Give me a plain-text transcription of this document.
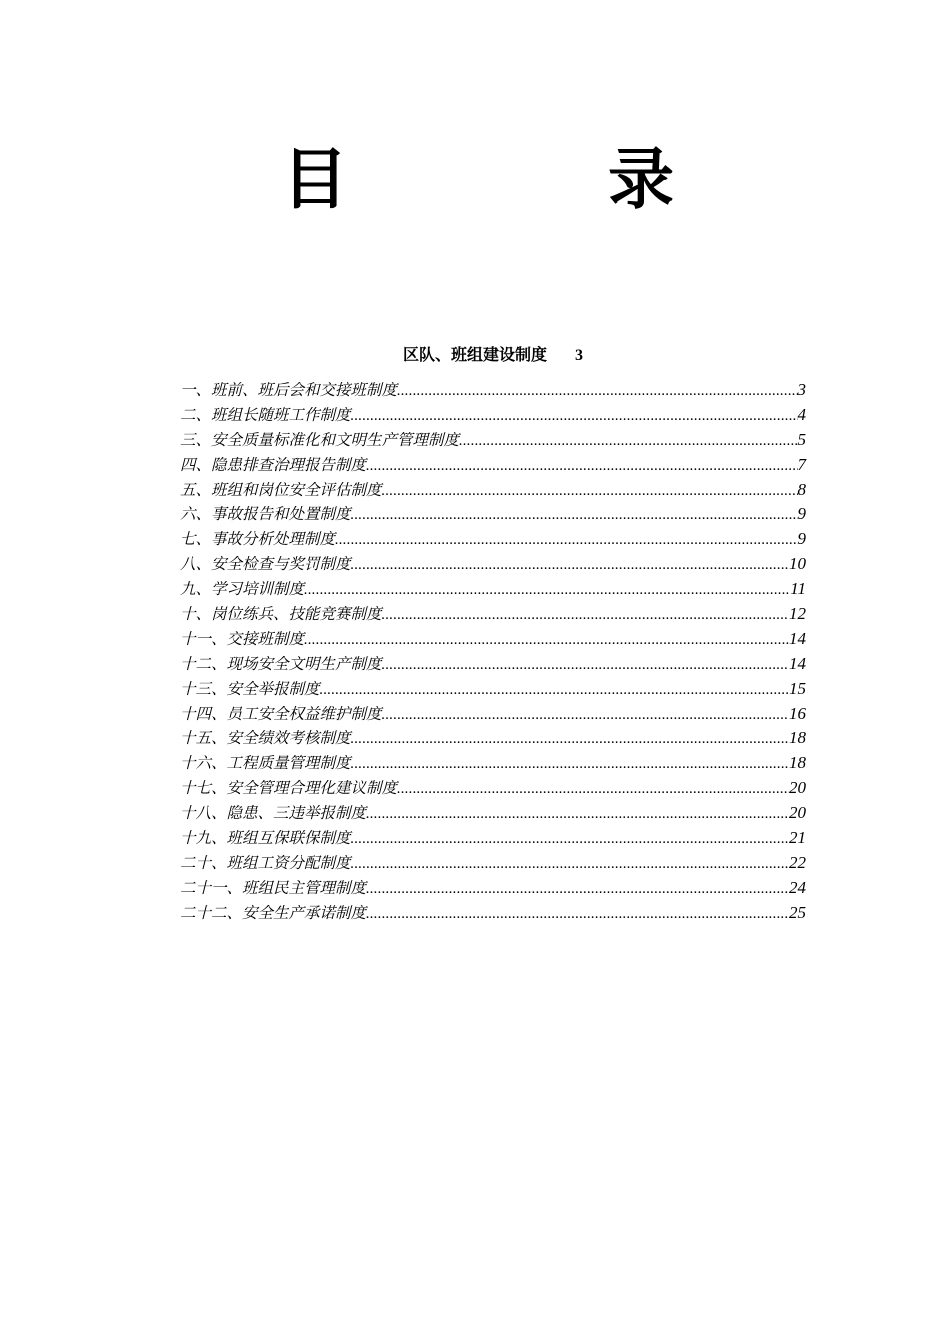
目	录
区队、班组建设制度 3
一、班前、班后会和交接班制度 .....	3
二、班组长随班工作制度 .....	4
三、安全质量标准化和文明生产管理制度 .....	5
四、隐患排查治理报告制度 .....	7
五、班组和岗位安全评估制度 .....	8
六、事故报告和处置制度 .....	9
七、事故分析处理制度 .....	9
八、安全检查与奖罚制度 .....	10
九、学习培训制度 .....	11
十、岗位练兵、技能竞赛制度 .....	12
十一、交接班制度 .....	14
十二、现场安全文明生产制度 .....	14
十三、安全举报制度 .....	15
十四、员工安全权益维护制度 .....	16
十五、安全绩效考核制度 .....	18
十六、工程质量管理制度 .....	18
十七、安全管理合理化建议制度 .....	20
十八、隐患、三违举报制度 .....	20
十九、班组互保联保制度 .....	21
二十、班组工资分配制度 .....	22
二十一、班组民主管理制度 .....	24
二十二、安全生产承诺制度 .....	25
